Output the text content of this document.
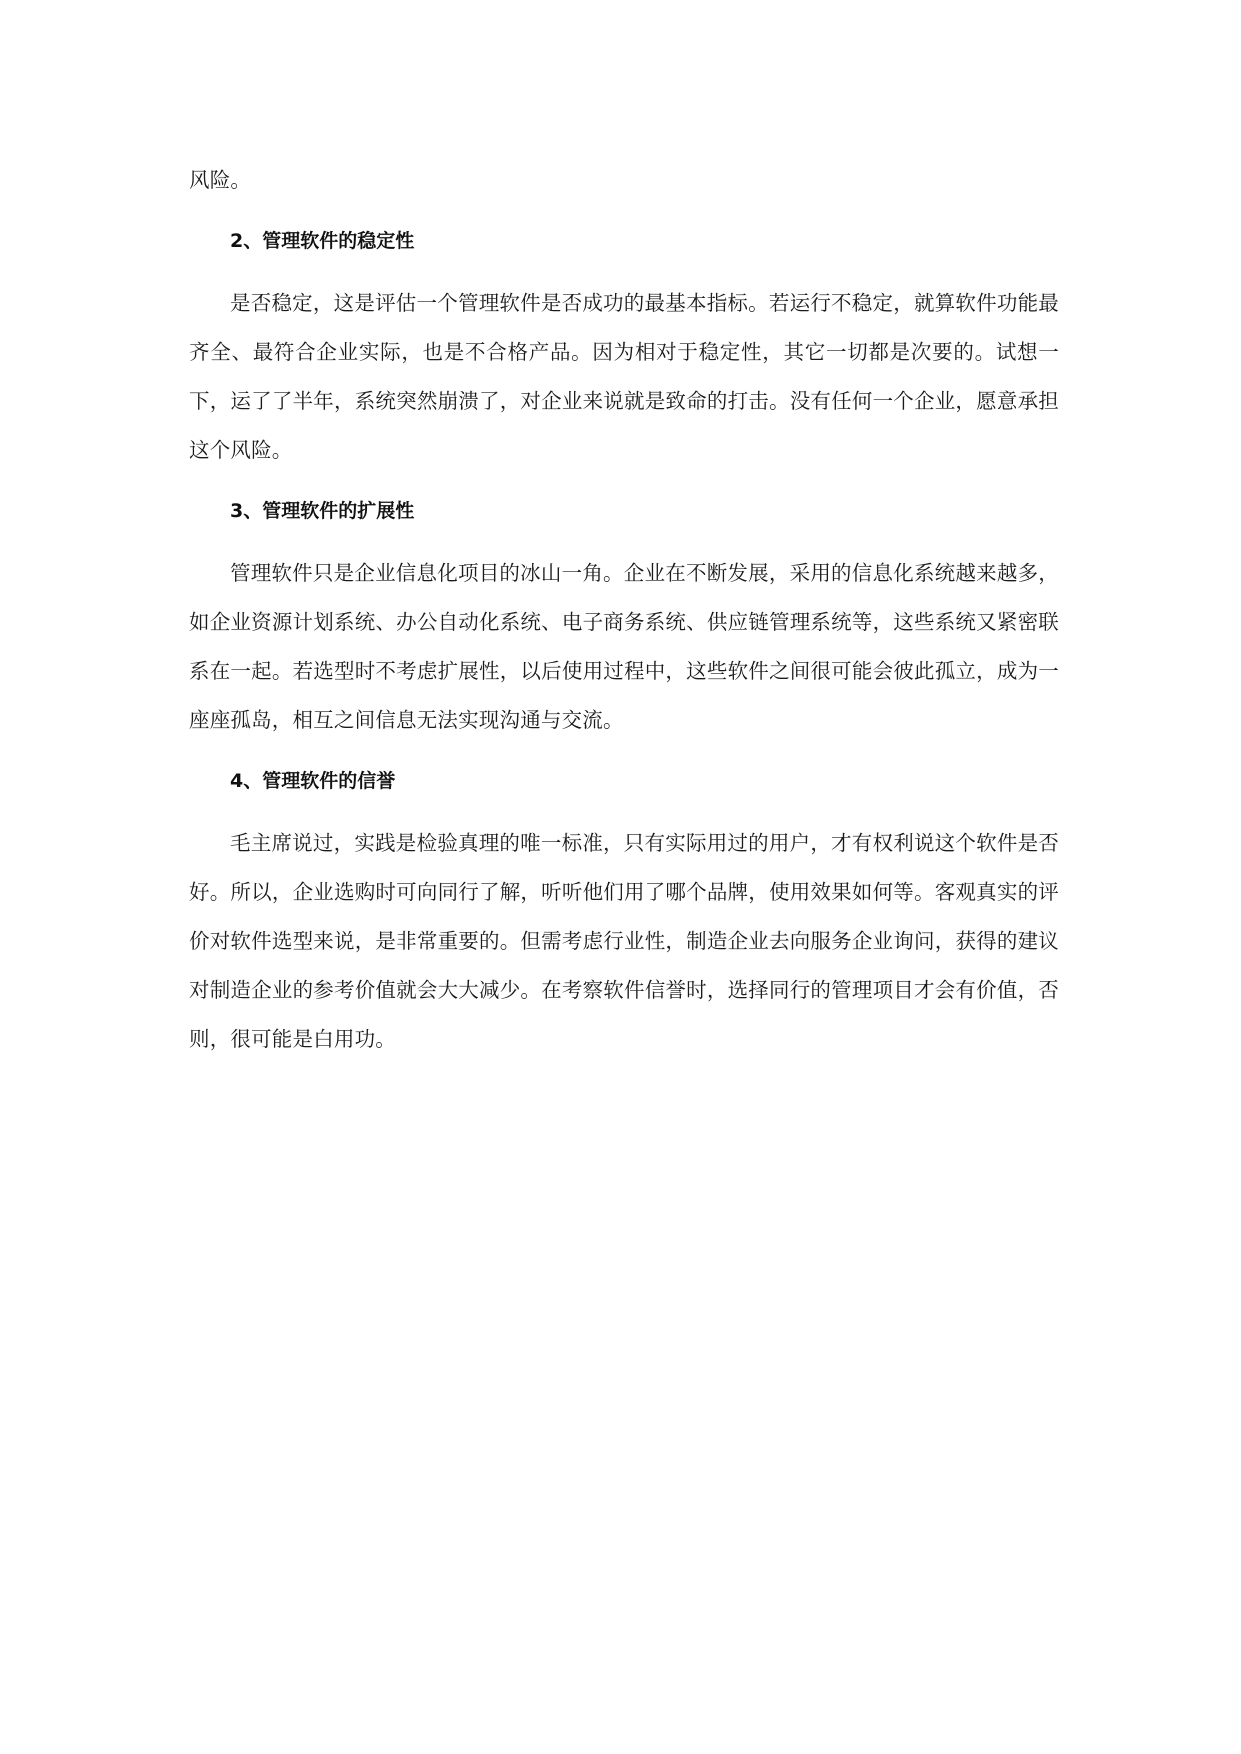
风险。

2、管理软件的稳定性

是否稳定，这是评估一个管理软件是否成功的最基本指标。若运行不稳定，就算软件功能最齐全、最符合企业实际，也是不合格产品。因为相对于稳定性，其它一切都是次要的。试想一下，运了了半年，系统突然崩溃了，对企业来说就是致命的打击。没有任何一个企业，愿意承担这个风险。

3、管理软件的扩展性

管理软件只是企业信息化项目的冰山一角。企业在不断发展，采用的信息化系统越来越多，如企业资源计划系统、办公自动化系统、电子商务系统、供应链管理系统等，这些系统又紧密联系在一起。若选型时不考虑扩展性，以后使用过程中，这些软件之间很可能会彼此孤立，成为一座座孤岛，相互之间信息无法实现沟通与交流。

4、管理软件的信誉

毛主席说过，实践是检验真理的唯一标准，只有实际用过的用户，才有权利说这个软件是否好。所以，企业选购时可向同行了解，听听他们用了哪个品牌，使用效果如何等。客观真实的评价对软件选型来说，是非常重要的。但需考虑行业性，制造企业去向服务企业询问，获得的建议对制造企业的参考价值就会大大减少。在考察软件信誉时，选择同行的管理项目才会有价值，否则，很可能是白用功。
